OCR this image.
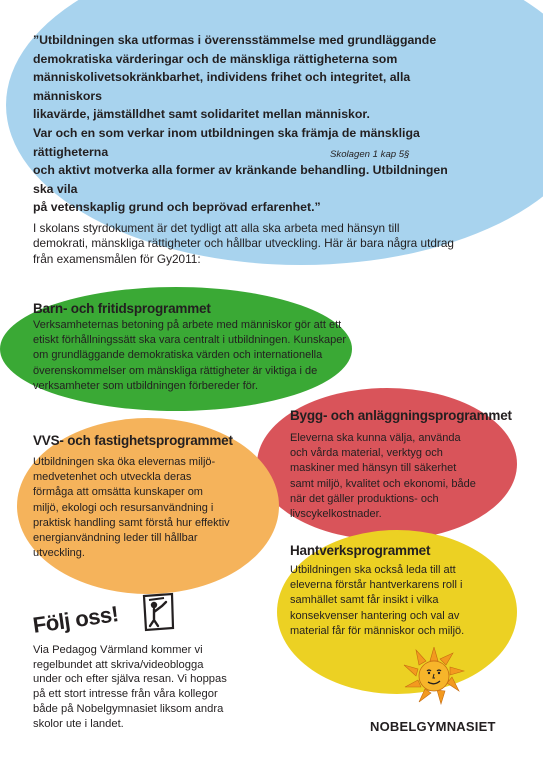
”Utbildningen ska utformas i överensstämmelse med grundläggande
demokratiska värderingar och de mänskliga rättigheterna som
människolivetsokränkbarhet, individens frihet och integritet, alla människors
likavärde, jämställdhet samt solidaritet mellan människor.
Var och en som verkar inom utbildningen ska främja de mänskliga rättigheterna
och aktivt motverka alla former av kränkande behandling. Utbildningen ska vila
på vetenskaplig grund och beprövad erfarenhet.”
Skolagen 1 kap 5§
I skolans styrdokument är det tydligt att alla ska arbeta med hänsyn till
demokrati, mänskliga rättigheter och hållbar utveckling. Här är bara några utdrag
från examensmålen för Gy2011:
Barn- och fritidsprogrammet
Verksamheternas betoning på arbete med människor gör att ett
etiskt förhållningssätt ska vara centralt i utbildningen. Kunskaper
om grundläggande demokratiska värden och internationella
överenskommelser om mänskliga rättigheter är viktiga i de
verksamheter som utbildningen förbereder för.
Bygg- och anläggningsprogrammet
Eleverna ska kunna välja, använda
och vårda material, verktyg och
maskiner med hänsyn till säkerhet
samt miljö, kvalitet och ekonomi, både
när det gäller produktions- och
livscykelkostnader.
VVS- och fastighetsprogrammet
Utbildningen ska öka elevernas miljö-
medvetenhet och utveckla deras
förmåga att omsätta kunskaper om
miljö, ekologi och resursanvändning i
praktisk handling samt förstå hur effektiv
energianvändning leder till hållbar
utveckling.	Hantverksprogrammet
Utbildningen ska också leda till att
eleverna förstår hantverkarens roll i
samhället samt får insikt i vilka
konsekvenser hantering och val av
material får för människor och miljö.
Följ oss!
Via Pedagog Värmland kommer vi
regelbundet att skriva/videoblogga
under och efter själva resan. Vi hoppas
på ett stort intresse från våra kollegor
både på Nobelgymnasiet liksom andra
skolor ute i landet.	NOBELGYMNASIET
